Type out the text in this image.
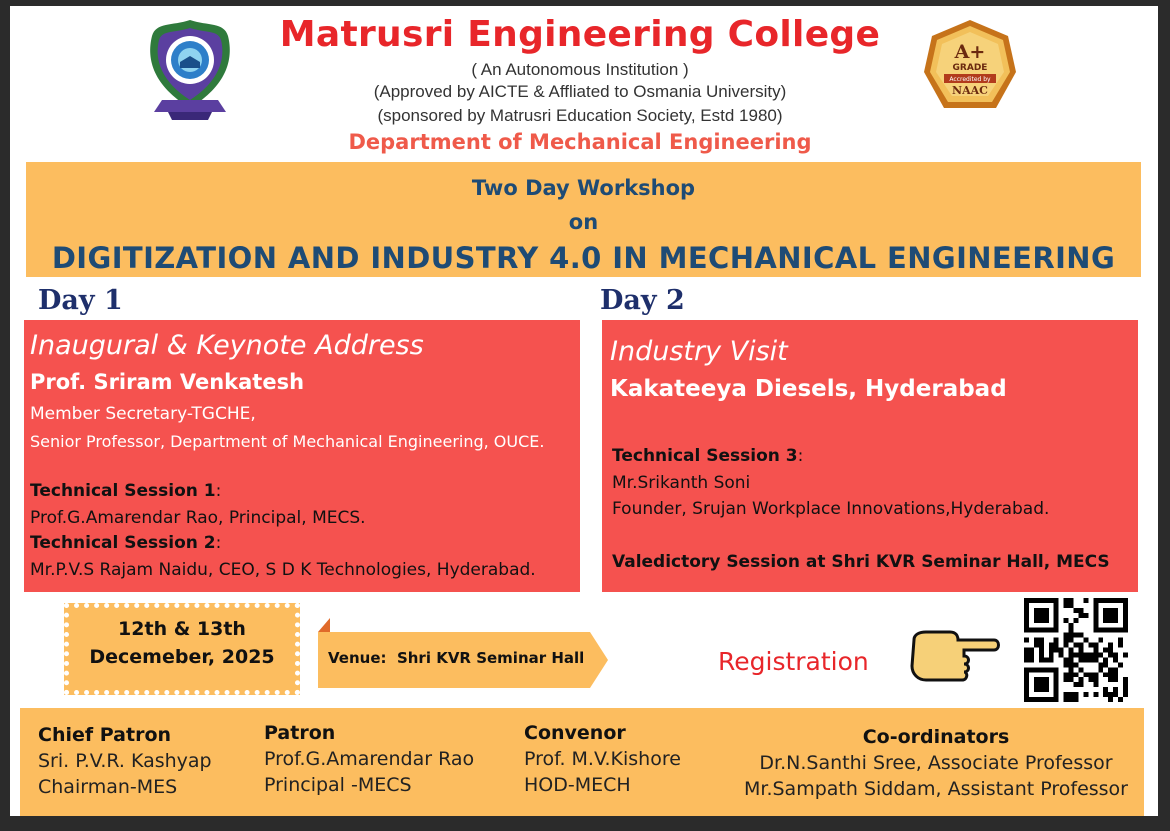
A+
GRADE
Accredited by
NAAC
Matrusri Engineering College
( An Autonomous Institution )
(Approved by AICTE & Affliated to Osmania University)
(sponsored by Matrusri Education Society, Estd 1980)
Department of Mechanical Engineering
Two Day Workshop
on
DIGITIZATION AND INDUSTRY 4.0 IN MECHANICAL ENGINEERING
Day 1	Day 2
Inaugural & Keynote Address
Prof. Sriram Venkatesh
Member Secretary-TGCHE,
Senior Professor, Department of Mechanical Engineering, OUCE.
Technical Session 1:
Prof.G.Amarendar Rao, Principal, MECS.
Technical Session 2:
Mr.P.V.S Rajam Naidu, CEO, S D K Technologies, Hyderabad.
Industry Visit
Kakateeya Diesels, Hyderabad
Technical Session 3:
Mr.Srikanth Soni
Founder, Srujan Workplace Innovations,Hyderabad.
Valedictory Session at Shri KVR Seminar Hall, MECS
12th & 13th
Decemeber, 2025	Venue: Shri KVR Seminar Hall	Registration
Chief Patron
Sri. P.V.R. Kashyap
Chairman-MES
Patron
Prof.G.Amarendar Rao
Principal -MECS
Convenor
Prof. M.V.Kishore
HOD-MECH
Co-ordinators
Dr.N.Santhi Sree, Associate Professor
Mr.Sampath Siddam, Assistant Professor
